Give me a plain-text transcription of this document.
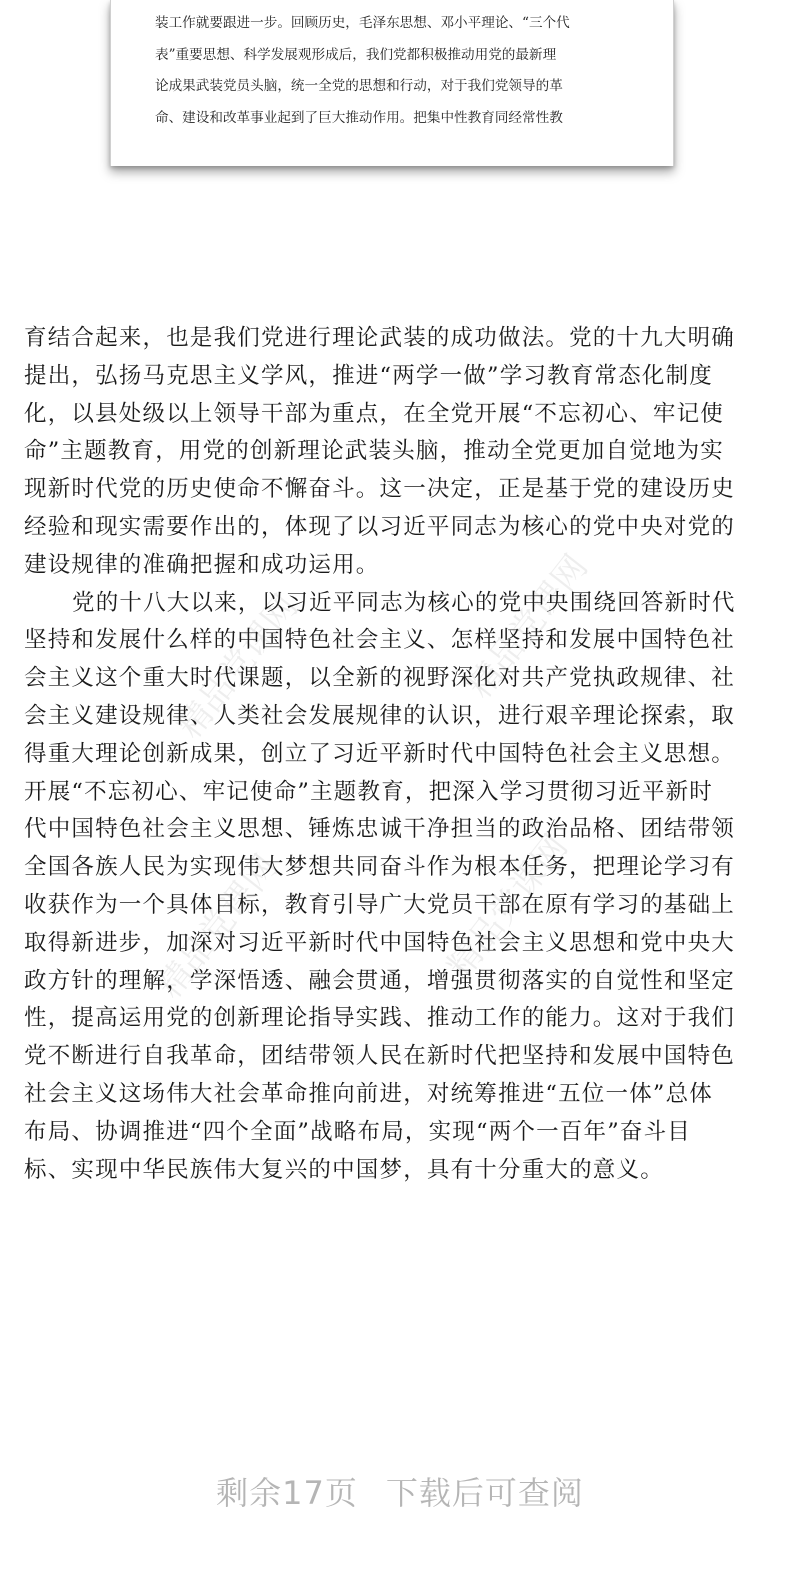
装工作就要跟进一步。回顾历史，毛泽东思想、邓小平理论、“三个代
表”重要思想、科学发展观形成后，我们党都积极推动用党的最新理
论成果武装党员头脑，统一全党的思想和行动，对于我们党领导的革
命、建设和改革事业起到了巨大推动作用。把集中性教育同经常性教
精品党课网	精品党课网
精品党课网	精品党课网
育结合起来，也是我们党进行理论武装的成功做法。党的十九大明确
提出，弘扬马克思主义学风，推进“两学一做”学习教育常态化制度
化，以县处级以上领导干部为重点，在全党开展“不忘初心、牢记使
命”主题教育，用党的创新理论武装头脑，推动全党更加自觉地为实
现新时代党的历史使命不懈奋斗。这一决定，正是基于党的建设历史
经验和现实需要作出的，体现了以习近平同志为核心的党中央对党的
建设规律的准确把握和成功运用。
党的十八大以来，以习近平同志为核心的党中央围绕回答新时代
坚持和发展什么样的中国特色社会主义、怎样坚持和发展中国特色社
会主义这个重大时代课题，以全新的视野深化对共产党执政规律、社
会主义建设规律、人类社会发展规律的认识，进行艰辛理论探索，取
得重大理论创新成果，创立了习近平新时代中国特色社会主义思想。
开展“不忘初心、牢记使命”主题教育，把深入学习贯彻习近平新时
代中国特色社会主义思想、锤炼忠诚干净担当的政治品格、团结带领
全国各族人民为实现伟大梦想共同奋斗作为根本任务，把理论学习有
收获作为一个具体目标，教育引导广大党员干部在原有学习的基础上
取得新进步，加深对习近平新时代中国特色社会主义思想和党中央大
政方针的理解，学深悟透、融会贯通，增强贯彻落实的自觉性和坚定
性，提高运用党的创新理论指导实践、推动工作的能力。这对于我们
党不断进行自我革命，团结带领人民在新时代把坚持和发展中国特色
社会主义这场伟大社会革命推向前进，对统筹推进“五位一体”总体
布局、协调推进“四个全面”战略布局，实现“两个一百年”奋斗目
标、实现中华民族伟大复兴的中国梦，具有十分重大的意义。
剩余17页 下载后可查阅
